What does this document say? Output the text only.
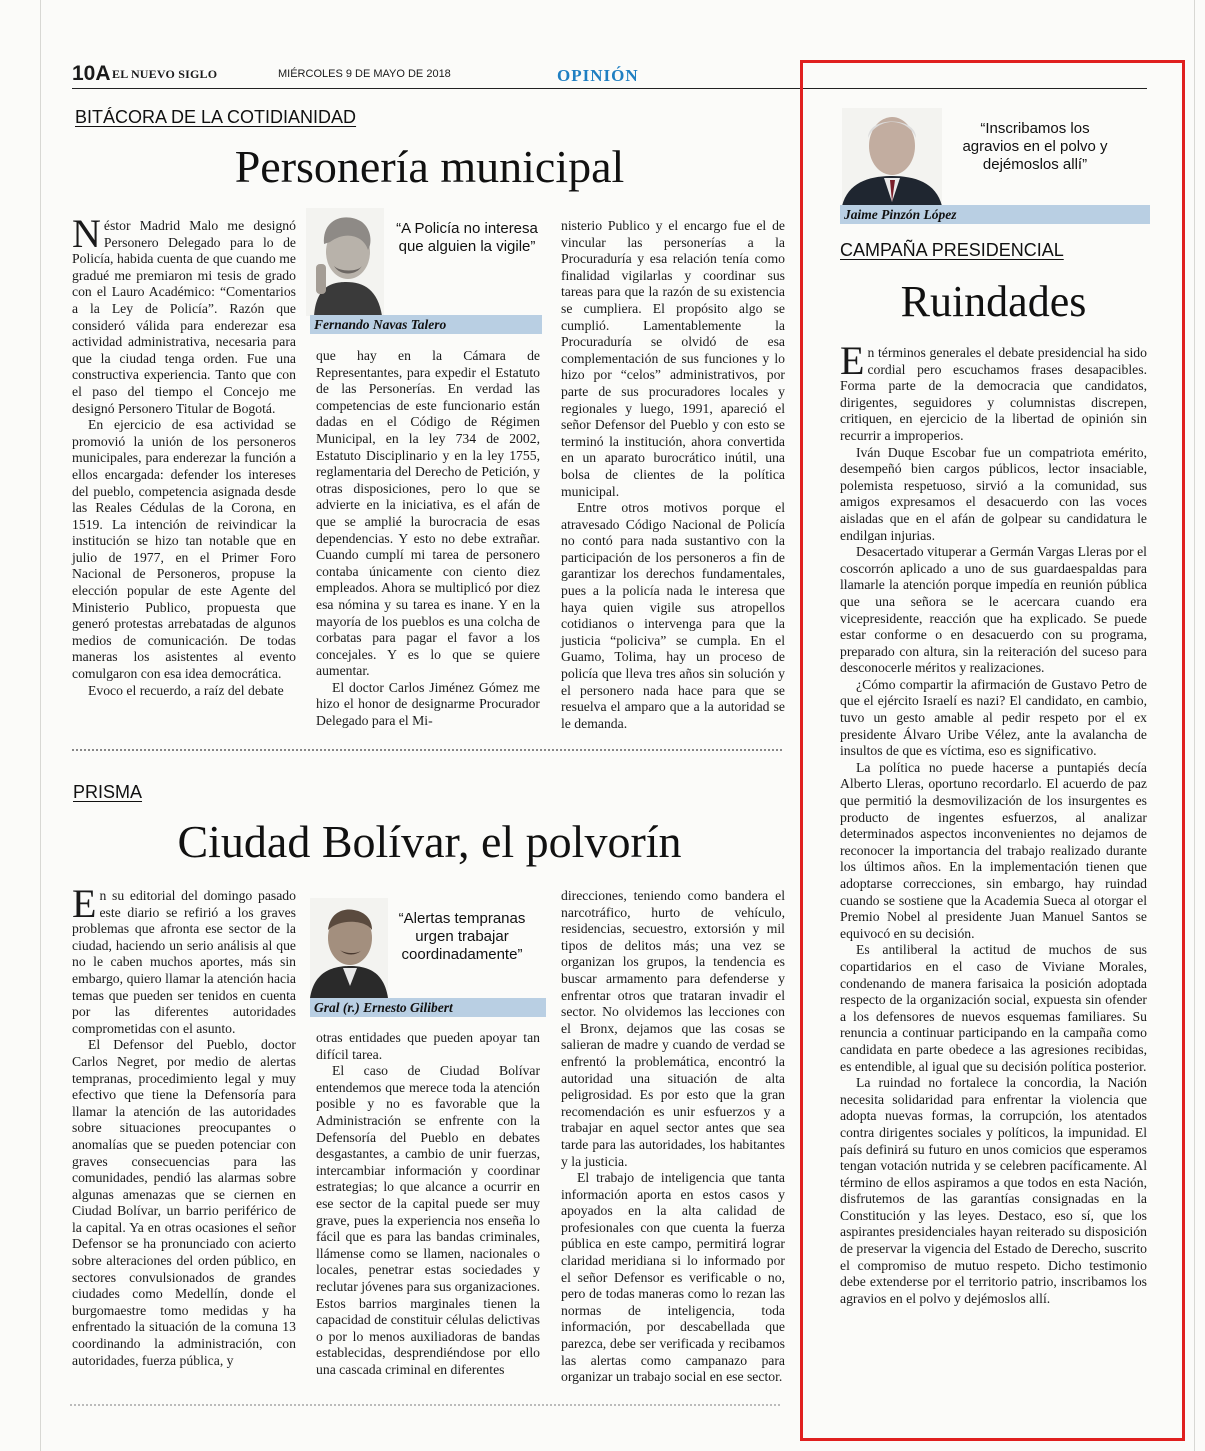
10A EL NUEVO SIGLO	MIÉRCOLES 9 DE MAYO DE 2018	OPINIÓN
BITÁCORA DE LA COTIDIANIDAD
Personería municipal

Néstor Madrid Malo me designó Personero Delegado para lo de Policía, habida cuenta de que cuando me gradué me premiaron mi tesis de grado con el Lauro Académico: “Comentarios a la Ley de Policía”. Razón que consideró válida para enderezar esa actividad administrativa, necesaria para que la ciudad tenga orden. Fue una constructiva experiencia. Tanto que con el paso del tiempo el Concejo me designó Personero Titular de Bogotá.

En ejercicio de esa actividad se promovió la unión de los personeros municipales, para enderezar la función a ellos encargada: defender los intereses del pueblo, competencia asignada desde las Reales Cédulas de la Corona, en 1519. La intención de reivindicar la institución se hizo tan notable que en julio de 1977, en el Primer Foro Nacional de Personeros, propuse la elección popular de este Agente del Ministerio Publico, propuesta que generó protestas arrebatadas de algunos medios de comunicación. De todas maneras los asistentes al evento comulgaron con esa idea democrática.

Evoco el recuerdo, a raíz del debate

“A Policía no interesa que alguien la vigile”
Fernando Navas Talero

que hay en la Cámara de Representantes, para expedir el Estatuto de las Personerías. En verdad las competencias de este funcionario están dadas en el Código de Régimen Municipal, en la ley 734 de 2002, Estatuto Disciplinario y en la ley 1755, reglamentaria del Derecho de Petición, y otras disposiciones, pero lo que se advierte en la iniciativa, es el afán de que se amplié la burocracia de esas dependencias. Y esto no debe extrañar. Cuando cumplí mi tarea de personero contaba únicamente con ciento diez empleados. Ahora se multiplicó por diez esa nómina y su tarea es inane. Y en la mayoría de los pueblos es una colcha de corbatas para pagar el favor a los concejales. Y es lo que se quiere aumentar.

El doctor Carlos Jiménez Gómez me hizo el honor de designarme Procurador Delegado para el Mi-

nisterio Publico y el encargo fue el de vincular las personerías a la Procuraduría y esa relación tenía como finalidad vigilarlas y coordinar sus tareas para que la razón de su existencia se cumpliera. El propósito algo se cumplió. Lamentablemente la Procuraduría se olvidó de esa complementación de sus funciones y lo hizo por “celos” administrativos, por parte de sus procuradores locales y regionales y luego, 1991, apareció el señor Defensor del Pueblo y con esto se terminó la institución, ahora convertida en un aparato burocrático inútil, una bolsa de clientes de la política municipal.

Entre otros motivos porque el atravesado Código Nacional de Policía no contó para nada sustantivo con la participación de los personeros a fin de garantizar los derechos fundamentales, pues a la policía nada le interesa que haya quien vigile sus atropellos cotidianos o intervenga para que la justicia “policiva” se cumpla. En el Guamo, Tolima, hay un proceso de policía que lleva tres años sin solución y el personero nada hace para que se resuelva el amparo que a la autoridad se le demanda.

PRISMA
Ciudad Bolívar, el polvorín

En su editorial del domingo pasado este diario se refirió a los graves problemas que afronta ese sector de la ciudad, haciendo un serio análisis al que no le caben muchos aportes, más sin embargo, quiero llamar la atención hacia temas que pueden ser tenidos en cuenta por las diferentes autoridades comprometidas con el asunto.

El Defensor del Pueblo, doctor Carlos Negret, por medio de alertas tempranas, procedimiento legal y muy efectivo que tiene la Defensoría para llamar la atención de las autoridades sobre situaciones preocupantes o anomalías que se pueden potenciar con graves consecuencias para las comunidades, pendió las alarmas sobre algunas amenazas que se ciernen en Ciudad Bolívar, un barrio periférico de la capital. Ya en otras ocasiones el señor Defensor se ha pronunciado con acierto sobre alteraciones del orden público, en sectores convulsionados de grandes ciudades como Medellín, donde el burgomaestre tomo medidas y ha enfrentado la situación de la comuna 13 coordinando la administración, con autoridades, fuerza pública, y

“Alertas tempranas urgen trabajar coordinadamente”
Gral (r.) Ernesto Gilibert

otras entidades que pueden apoyar tan difícil tarea.

El caso de Ciudad Bolívar entendemos que merece toda la atención posible y no es favorable que la Administración se enfrente con la Defensoría del Pueblo en debates desgastantes, a cambio de unir fuerzas, intercambiar información y coordinar estrategias; lo que alcance a ocurrir en ese sector de la capital puede ser muy grave, pues la experiencia nos enseña lo fácil que es para las bandas criminales, llámense como se llamen, nacionales o locales, penetrar estas sociedades y reclutar jóvenes para sus organizaciones. Estos barrios marginales tienen la capacidad de constituir células delictivas o por lo menos auxiliadoras de bandas establecidas, desprendiéndose por ello una cascada criminal en diferentes

direcciones, teniendo como bandera el narcotráfico, hurto de vehículo, residencias, secuestro, extorsión y mil tipos de delitos más; una vez se organizan los grupos, la tendencia es buscar armamento para defenderse y enfrentar otros que trataran invadir el sector. No olvidemos las lecciones con el Bronx, dejamos que las cosas se salieran de madre y cuando de verdad se enfrentó la problemática, encontró la autoridad una situación de alta peligrosidad. Es por esto que la gran recomendación es unir esfuerzos y a trabajar en aquel sector antes que sea tarde para las autoridades, los habitantes y la justicia.

El trabajo de inteligencia que tanta información aporta en estos casos y apoyados en la alta calidad de profesionales con que cuenta la fuerza pública en este campo, permitirá lograr claridad meridiana si lo informado por el señor Defensor es verificable o no, pero de todas maneras como lo rezan las normas de inteligencia, toda información, por descabellada que parezca, debe ser verificada y recibamos las alertas como campanazo para organizar un trabajo social en ese sector.

“Inscribamos los agravios en el polvo y dejémoslos allí”
Jaime Pinzón López
CAMPAÑA PRESIDENCIAL
Ruindades

En términos generales el debate presidencial ha sido cordial pero escuchamos frases desapacibles. Forma parte de la democracia que candidatos, dirigentes, seguidores y columnistas discrepen, critiquen, en ejercicio de la libertad de opinión sin recurrir a improperios.

Iván Duque Escobar fue un compatriota emérito, desempeñó bien cargos públicos, lector insaciable, polemista respetuoso, sirvió a la comunidad, sus amigos expresamos el desacuerdo con las voces aisladas que en el afán de golpear su candidatura le endilgan injurias.

Desacertado vituperar a Germán Vargas Lleras por el coscorrón aplicado a uno de sus guardaespaldas para llamarle la atención porque impedía en reunión pública que una señora se le acercara cuando era vicepresidente, reacción que ha explicado. Se puede estar conforme o en desacuerdo con su programa, preparado con altura, sin la reiteración del suceso para desconocerle méritos y realizaciones.

¿Cómo compartir la afirmación de Gustavo Petro de que el ejército Israelí es nazi? El candidato, en cambio, tuvo un gesto amable al pedir respeto por el ex presidente Álvaro Uribe Vélez, ante la avalancha de insultos de que es víctima, eso es significativo.

La política no puede hacerse a puntapiés decía Alberto Lleras, oportuno recordarlo. El acuerdo de paz que permitió la desmovilización de los insurgentes es producto de ingentes esfuerzos, al analizar determinados aspectos inconvenientes no dejamos de reconocer la importancia del trabajo realizado durante los últimos años. En la implementación tienen que adoptarse correcciones, sin embargo, hay ruindad cuando se sostiene que la Academia Sueca al otorgar el Premio Nobel al presidente Juan Manuel Santos se equivocó en su decisión.

Es antiliberal la actitud de muchos de sus copartidarios en el caso de Viviane Morales, condenando de manera farisaica la posición adoptada respecto de la organización social, expuesta sin ofender a los defensores de nuevos esquemas familiares. Su renuncia a continuar participando en la campaña como candidata en parte obedece a las agresiones recibidas, es entendible, al igual que su decisión política posterior.

La ruindad no fortalece la concordia, la Nación necesita solidaridad para enfrentar la violencia que adopta nuevas formas, la corrupción, los atentados contra dirigentes sociales y políticos, la impunidad. El país definirá su futuro en unos comicios que esperamos tengan votación nutrida y se celebren pacíficamente. Al término de ellos aspiramos a que todos en esta Nación, disfrutemos de las garantías consignadas en la Constitución y las leyes. Destaco, eso sí, que los aspirantes presidenciales hayan reiterado su disposición de preservar la vigencia del Estado de Derecho, suscrito el compromiso de mutuo respeto. Dicho testimonio debe extenderse por el territorio patrio, inscribamos los agravios en el polvo y dejémoslos allí.
